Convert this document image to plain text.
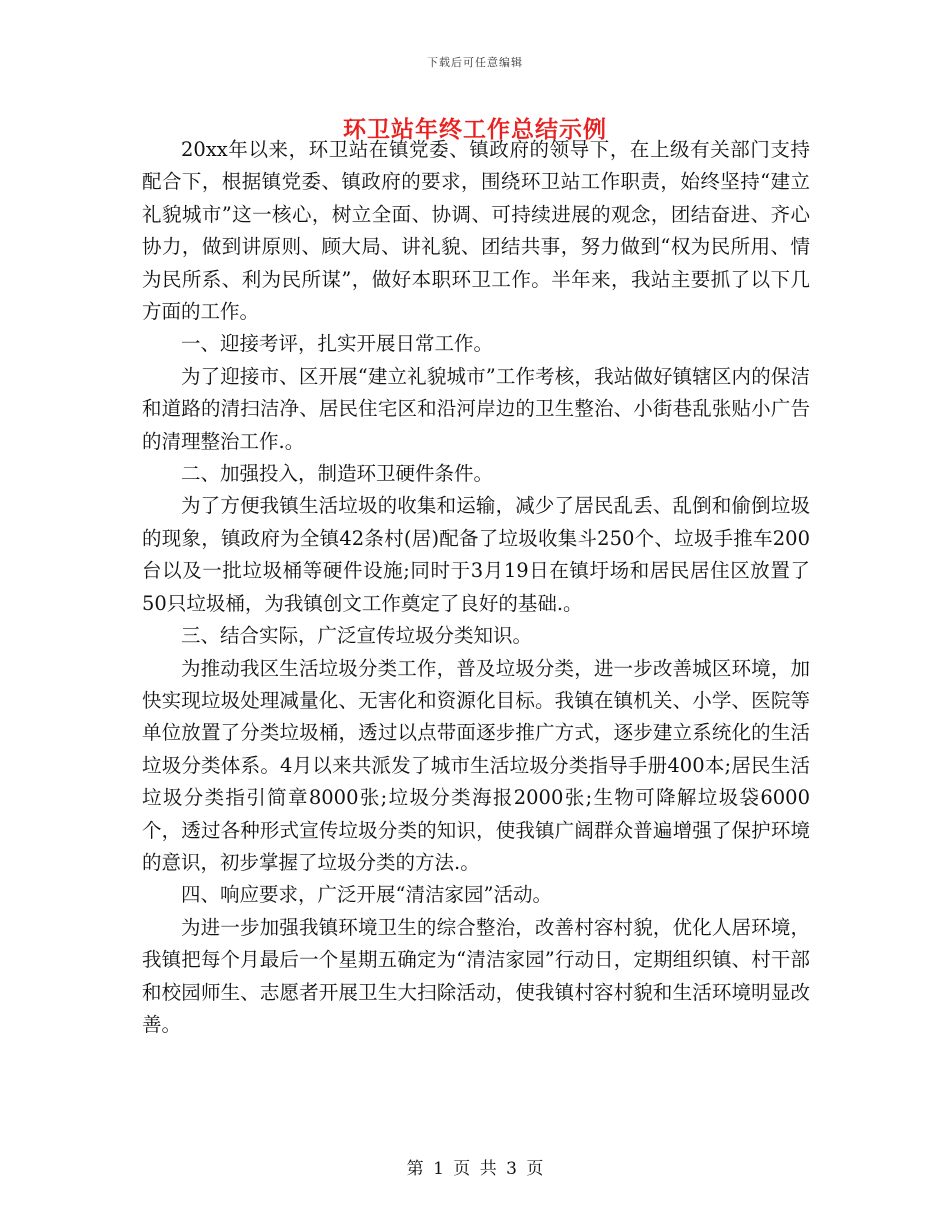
下载后可任意编辑
环卫站年终工作总结示例

20xx年以来，环卫站在镇党委、镇政府的领导下，在上级有关部门支持配合下，根据镇党委、镇政府的要求，围绕环卫站工作职责，始终坚持“建立礼貌城市”这一核心，树立全面、协调、可持续进展的观念，团结奋进、齐心协力，做到讲原则、顾大局、讲礼貌、团结共事，努力做到“权为民所用、情为民所系、利为民所谋”，做好本职环卫工作。半年来，我站主要抓了以下几方面的工作。

一、迎接考评，扎实开展日常工作。

为了迎接市、区开展“建立礼貌城市”工作考核，我站做好镇辖区内的保洁和道路的清扫洁净、居民住宅区和沿河岸边的卫生整治、小街巷乱张贴小广告的清理整治工作.。

二、加强投入，制造环卫硬件条件。

为了方便我镇生活垃圾的收集和运输，减少了居民乱丢、乱倒和偷倒垃圾的现象，镇政府为全镇42条村(居)配备了垃圾收集斗250个、垃圾手推车200台以及一批垃圾桶等硬件设施;同时于3月19日在镇圩场和居民居住区放置了50只垃圾桶，为我镇创文工作奠定了良好的基础.。

三、结合实际，广泛宣传垃圾分类知识。

为推动我区生活垃圾分类工作，普及垃圾分类，进一步改善城区环境，加快实现垃圾处理减量化、无害化和资源化目标。我镇在镇机关、小学、医院等单位放置了分类垃圾桶，透过以点带面逐步推广方式，逐步建立系统化的生活垃圾分类体系。4月以来共派发了城市生活垃圾分类指导手册400本;居民生活垃圾分类指引简章8000张;垃圾分类海报2000张;生物可降解垃圾袋6000个，透过各种形式宣传垃圾分类的知识，使我镇广阔群众普遍增强了保护环境的意识，初步掌握了垃圾分类的方法.。

四、响应要求，广泛开展“清洁家园”活动。

为进一步加强我镇环境卫生的综合整治，改善村容村貌，优化人居环境，我镇把每个月最后一个星期五确定为“清洁家园”行动日，定期组织镇、村干部和校园师生、志愿者开展卫生大扫除活动，使我镇村容村貌和生活环境明显改善。

第 1 页 共 3 页
